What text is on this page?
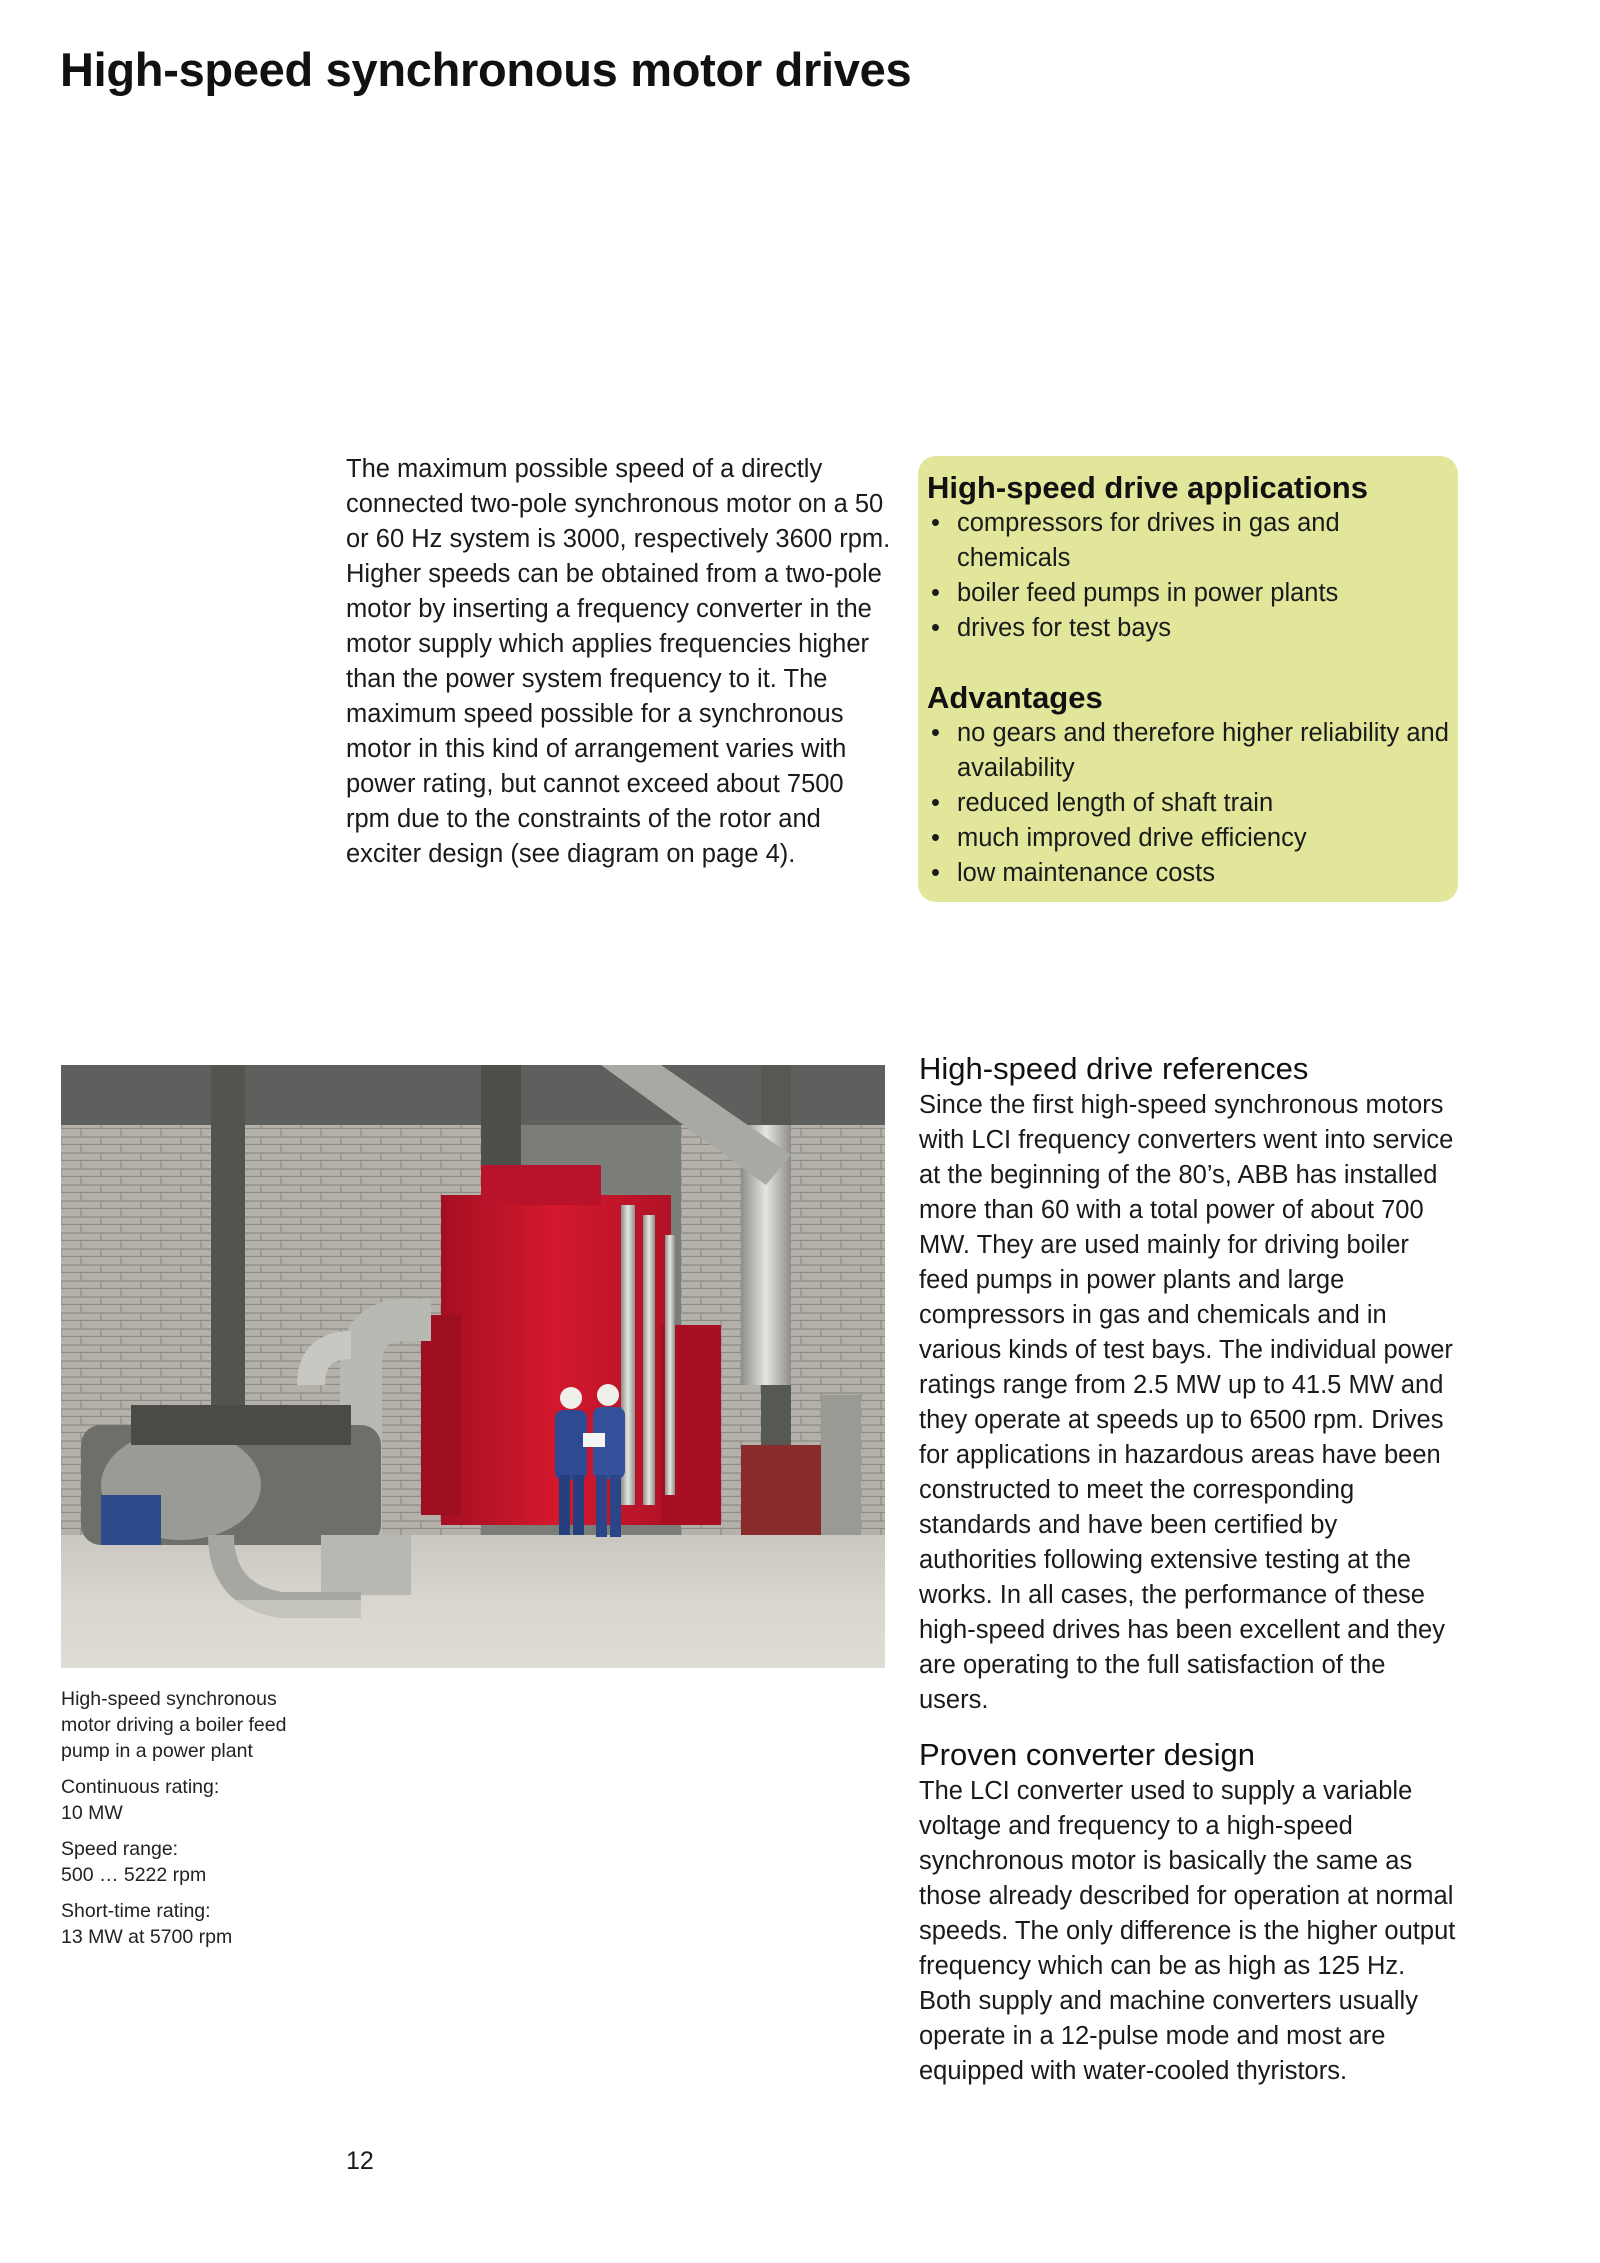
High-speed synchronous motor drives

The maximum possible speed of a directly connected two-pole synchronous motor on a 50 or 60 Hz system is 3000, respectively 3600 rpm.

Higher speeds can be obtained from a two-pole motor by inserting a frequency converter in the motor supply which applies frequencies higher than the power system frequency to it. The maximum speed possible for a synchronous motor in this kind of arrangement varies with power rating, but cannot exceed about 7500 rpm due to the constraints of the rotor and exciter design (see diagram on page 4).

High-speed drive applications
• compressors for drives in gas and chemicals
• boiler feed pumps in power plants
• drives for test bays
Advantages
• no gears and therefore higher reliability and availability
• reduced length of shaft train
• much improved drive efficiency
• low maintenance costs
High-speed synchronous motor driving a boiler feed pump in a power plant
Continuous rating:
10 MW
Speed range:
500 … 5222 rpm
Short-time rating:
13 MW at 5700 rpm
High-speed drive references

Since the first high-speed synchronous motors with LCI frequency converters went into service at the beginning of the 80’s, ABB has installed more than 60 with a total power of about 700 MW. They are used mainly for driving boiler feed pumps in power plants and large compressors in gas and chemicals and in various kinds of test bays. The individual power ratings range from 2.5 MW up to 41.5 MW and they operate at speeds up to 6500 rpm. Drives for applications in hazardous areas have been constructed to meet the corresponding standards and have been certified by authorities following extensive testing at the works. In all cases, the performance of these high-speed drives has been excellent and they are operating to the full satisfaction of the users.

Proven converter design

The LCI converter used to supply a variable voltage and frequency to a high-speed synchronous motor is basically the same as those already described for operation at normal speeds. The only difference is the higher output frequency which can be as high as 125 Hz. Both supply and machine converters usually operate in a 12-pulse mode and most are equipped with water-cooled thyristors.

12
